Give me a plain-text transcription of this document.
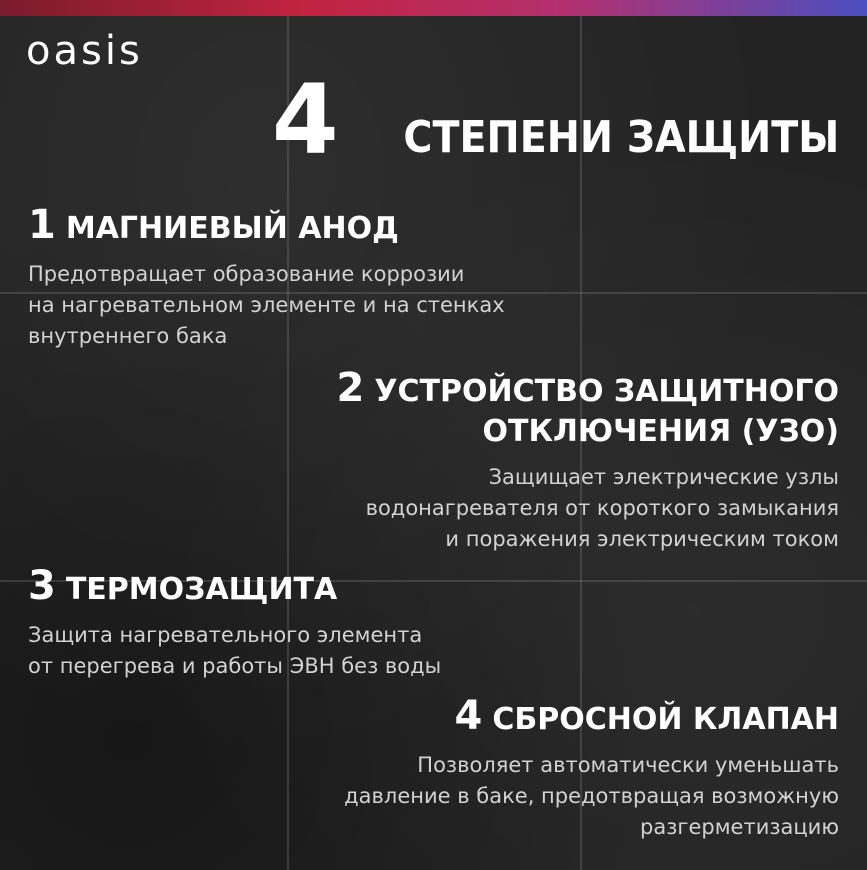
oasis
4 СТЕПЕНИ ЗАЩИТЫ
1 МАГНИЕВЫЙ АНОД
Предотвращает образование коррозии
на нагревательном элементе и на стенках
внутреннего бака
2 УСТРОЙСТВО ЗАЩИТНОГО
ОТКЛЮЧЕНИЯ (УЗО)
Защищает электрические узлы
водонагревателя от короткого замыкания
и поражения электрическим током
3 ТЕРМОЗАЩИТА
Защита нагревательного элемента
от перегрева и работы ЭВН без воды
4 СБРОСНОЙ КЛАПАН
Позволяет автоматически уменьшать
давление в баке, предотвращая возможную
разгерметизацию
